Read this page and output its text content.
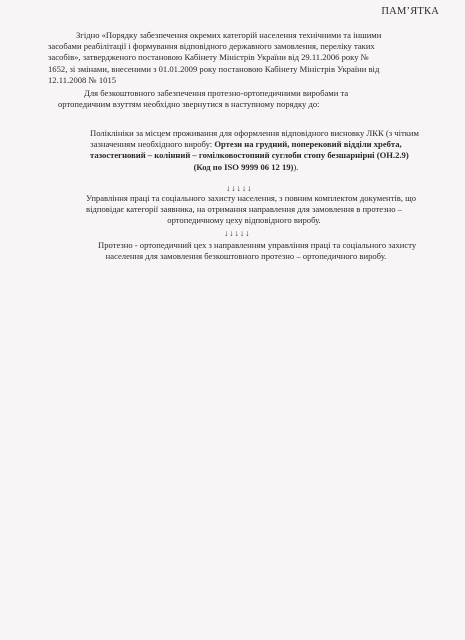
ПАМ’ЯТКА
Згідно «Порядку забезпечення окремих категорій населення технічними та іншими
засобами реабілітації і формування відповідного державного замовлення, переліку таких
засобів», затвердженого постановою Кабінету Міністрів України від 29.11.2006 року №
1652, зі змінами, внесеними з 01.01.2009 року постановою Кабінету Міністрів України від
12.11.2008 № 1015
Для безкоштовного забезпечення протезно-ортопедичними виробами та
ортопедичним взуттям необхідно звернутися в наступному порядку до:
Поліклініки за місцем проживання для оформлення відповідного висновку ЛКК (з чітким
зазначенням необхідного виробу: Ортези на грудний, поперековий відділи хребта,
тазостегновий – колінний – гомілковостопний суглоби стопу безшарнірні (ОН.2.9)
(Код по ISO 9999 06 12 19)).
↓↓↓↓↓
Управління праці та соціального захисту населення, з повним комплектом документів, що
відповідає категорії заявника, на отримання направлення для замовлення в протезно –
ортопедичному цеху відповідного виробу.
↓↓↓↓↓
Протезно - ортопедичний цех з направленням управління праці та соціального захисту
населення для замовлення безкоштовного протезно – ортопедичного виробу.
